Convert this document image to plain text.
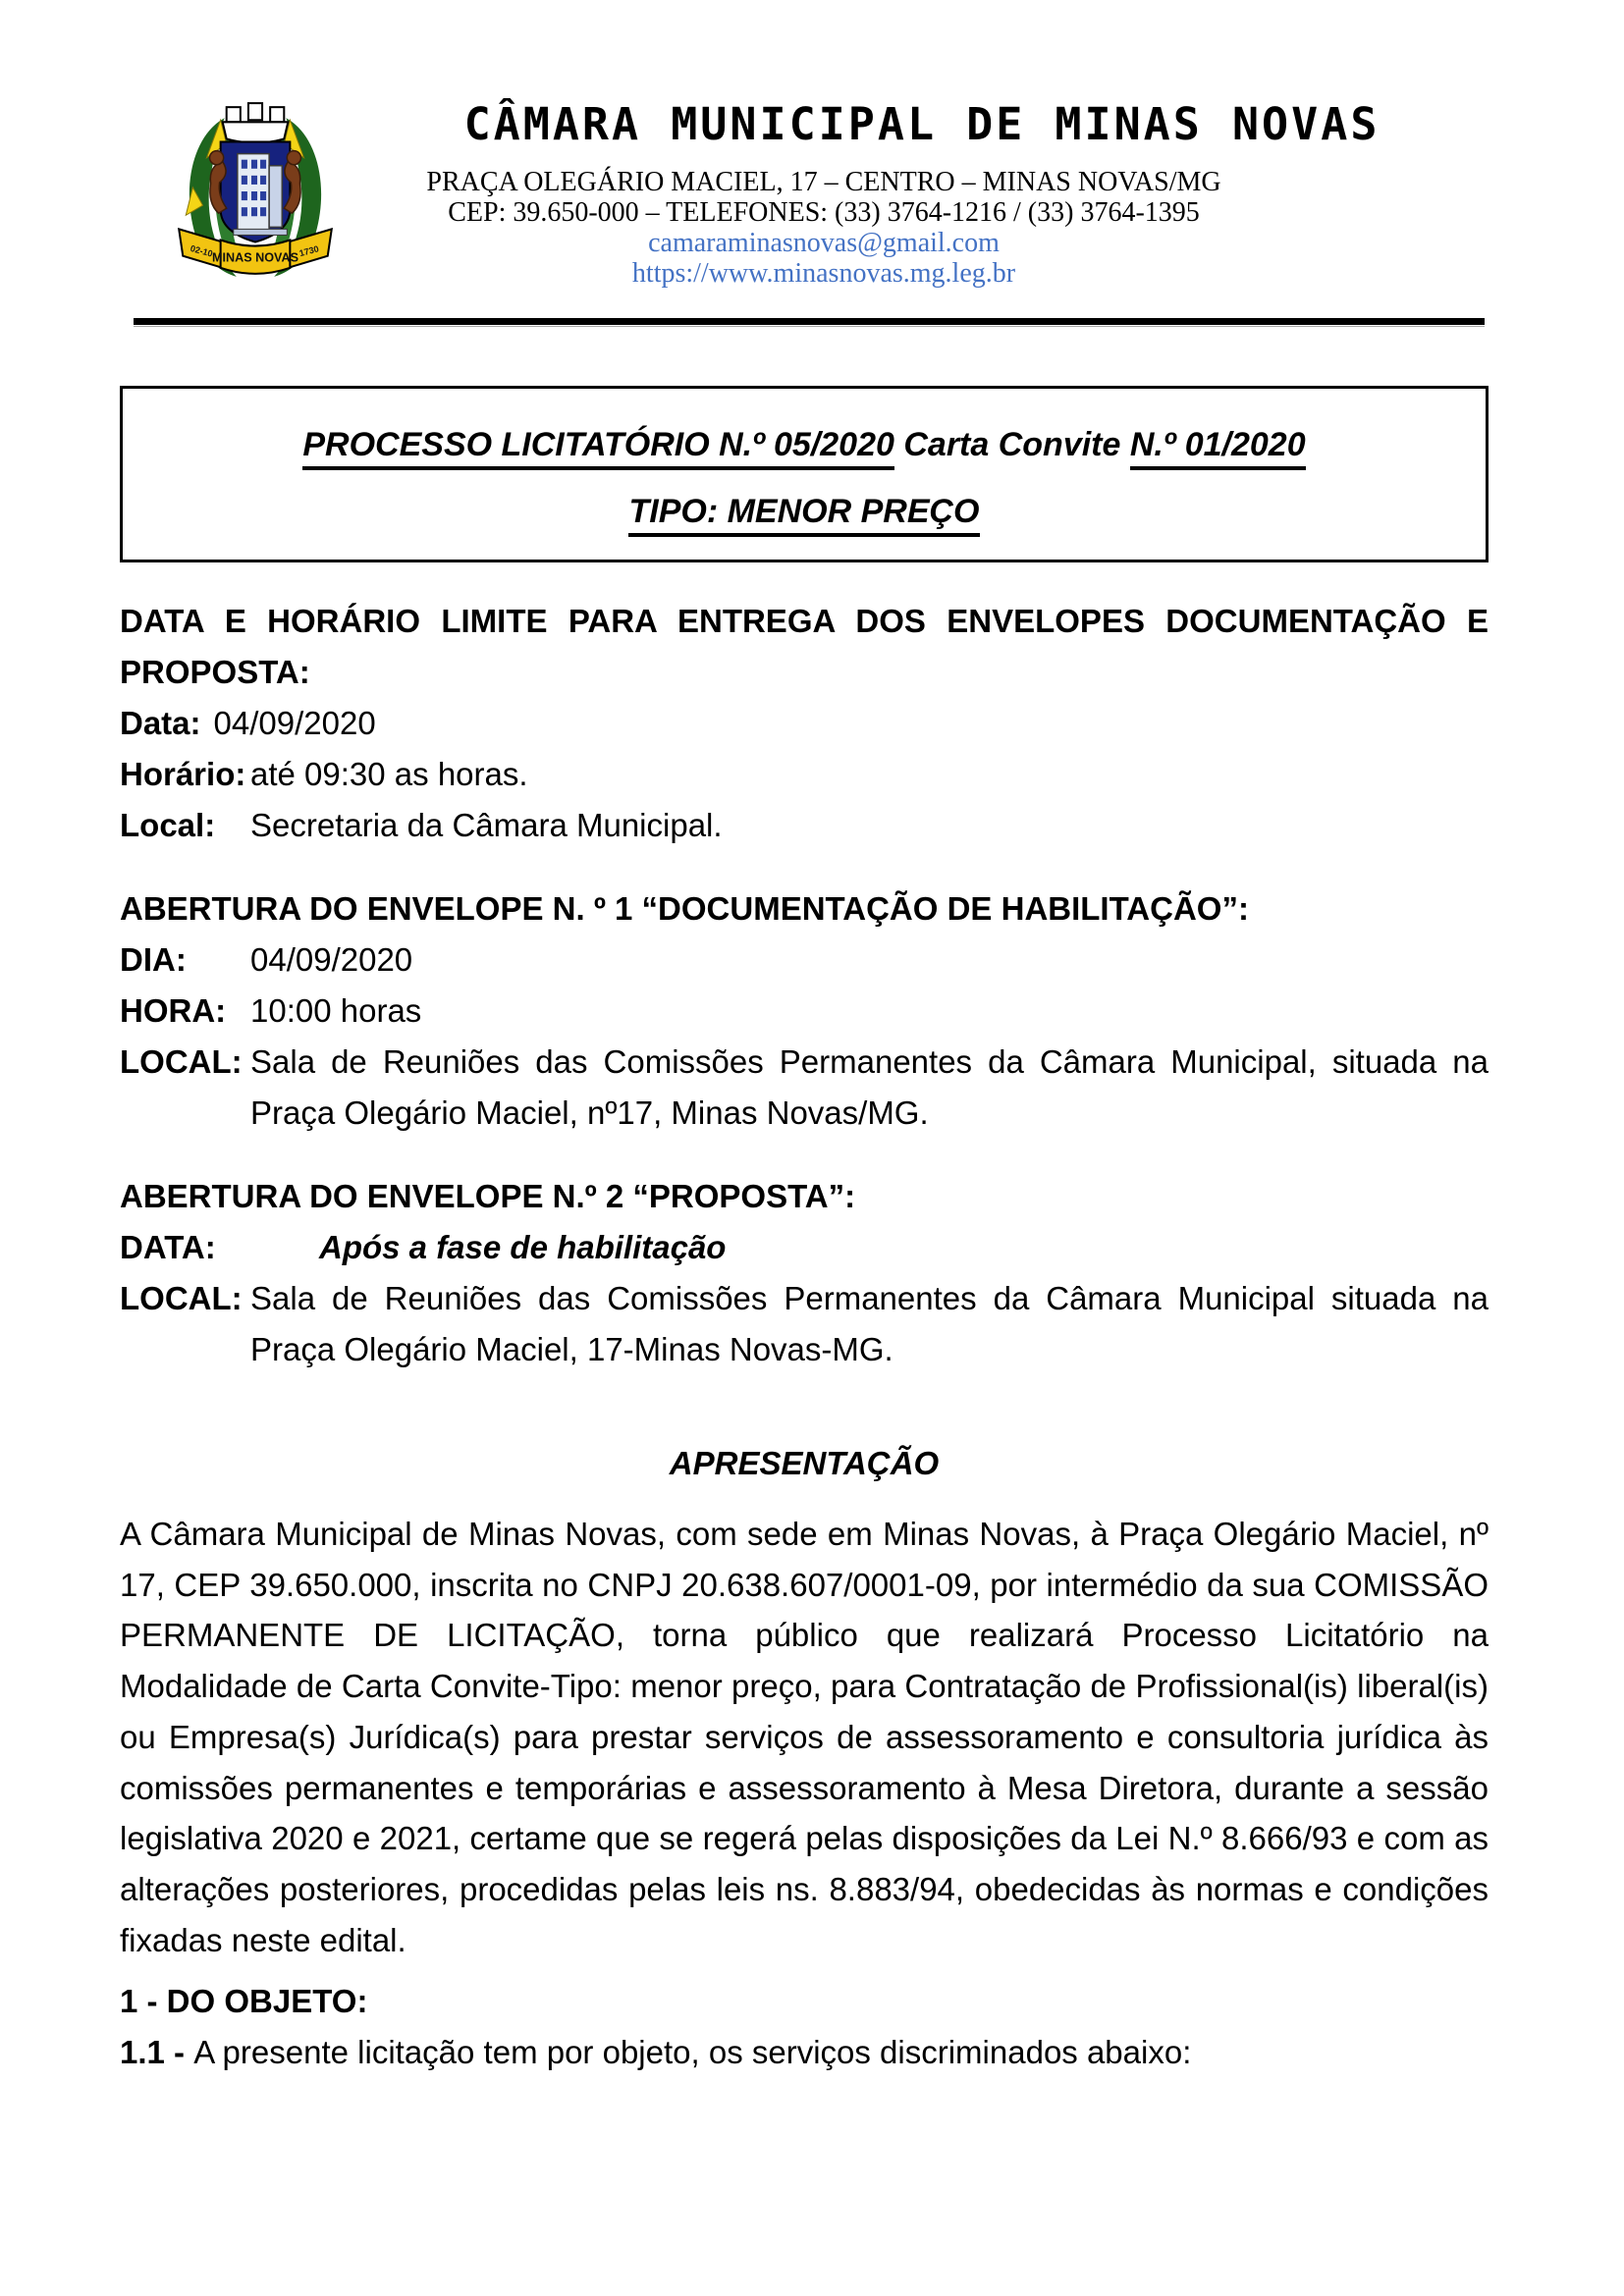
02-10	1730
MINAS NOVAS
CÂMARA MUNICIPAL DE MINAS NOVAS
PRAÇA OLEGÁRIO MACIEL, 17 – CENTRO – MINAS NOVAS/MG
CEP: 39.650-000 – TELEFONES: (33) 3764-1216 / (33) 3764-1395
camaraminasnovas@gmail.com
https://www.minasnovas.mg.leg.br
PROCESSO LICITATÓRIO N.º 05/2020 Carta Convite N.º 01/2020
TIPO: MENOR PREÇO
DATA E HORÁRIO LIMITE PARA ENTREGA DOS ENVELOPES DOCUMENTAÇÃO E PROPOSTA:
Data: 04/09/2020
Horário: até 09:30 as horas.
Local:	Secretaria da Câmara Municipal.
ABERTURA DO ENVELOPE N. º 1 “DOCUMENTAÇÃO DE HABILITAÇÃO”:
DIA:	04/09/2020
HORA: 10:00 horas
LOCAL: Sala de Reuniões das Comissões Permanentes da Câmara Municipal, situada na Praça Olegário Maciel, nº17, Minas Novas/MG.
ABERTURA DO ENVELOPE N.º 2 “PROPOSTA”:
DATA:	Após a fase de habilitação
LOCAL: Sala de Reuniões das Comissões Permanentes da Câmara Municipal situada na Praça Olegário Maciel, 17-Minas Novas-MG.
APRESENTAÇÃO
A Câmara Municipal de Minas Novas, com sede em Minas Novas, à Praça Olegário Maciel, nº 17, CEP 39.650.000, inscrita no CNPJ 20.638.607/0001-09, por intermédio da sua COMISSÃO PERMANENTE DE LICITAÇÃO, torna público que realizará Processo Licitatório na Modalidade de Carta Convite-Tipo: menor preço, para Contratação de Profissional(is) liberal(is) ou Empresa(s) Jurídica(s) para prestar serviços de assessoramento e consultoria jurídica às comissões permanentes e temporárias e assessoramento à Mesa Diretora, durante a sessão legislativa 2020 e 2021, certame que se regerá pelas disposições da Lei N.º 8.666/93 e com as alterações posteriores, procedidas pelas leis ns. 8.883/94, obedecidas às normas e condições fixadas neste edital.
1 - DO OBJETO:
1.1 - A presente licitação tem por objeto, os serviços discriminados abaixo:
